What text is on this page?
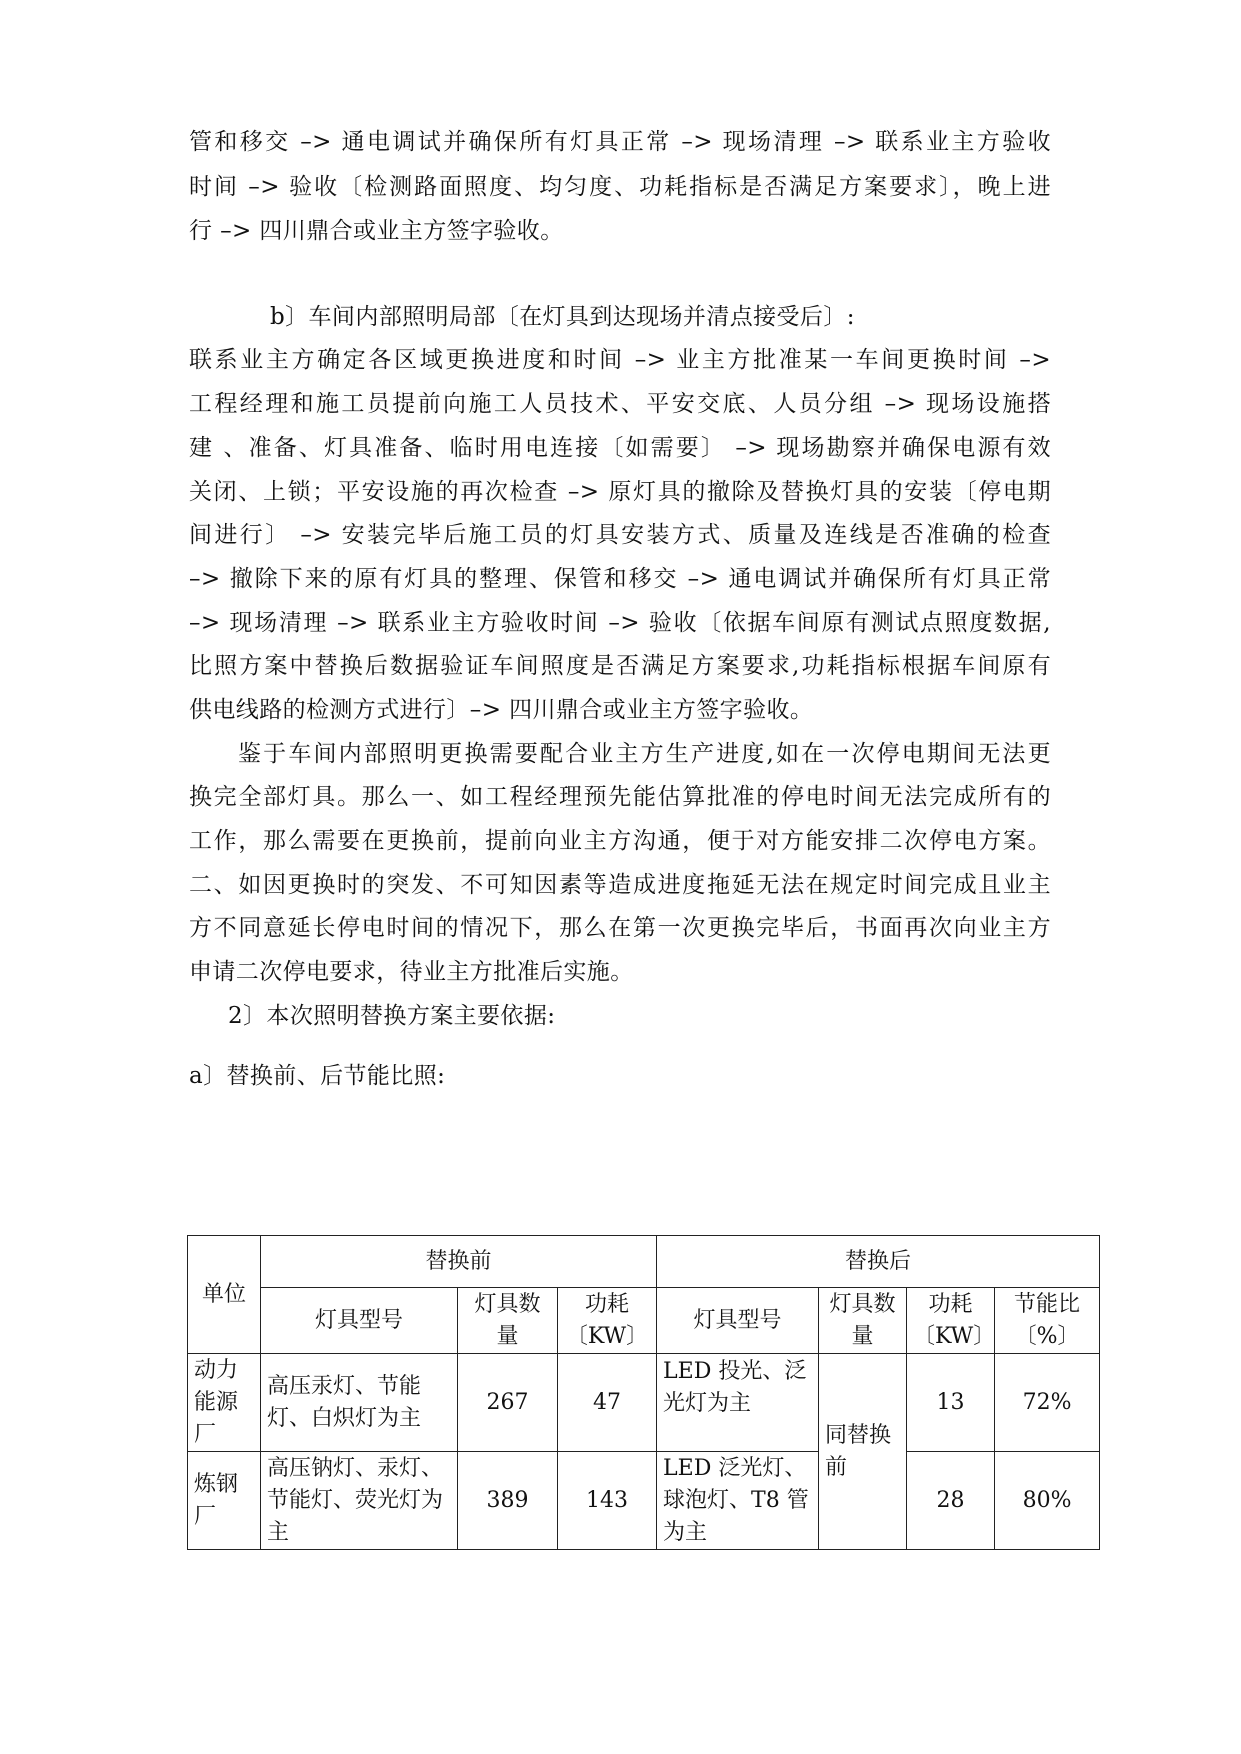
管和移交 –> 通电调试并确保所有灯具正常 –> 现场清理 –> 联系业主方验收
时间 –> 验收〔检测路面照度、均匀度、功耗指标是否满足方案要求〕，晚上进
行 –> 四川鼎合或业主方签字验收。
b〕车间内部照明局部〔在灯具到达现场并清点接受后〕:
联系业主方确定各区域更换进度和时间 –> 业主方批准某一车间更换时间 –>
工程经理和施工员提前向施工人员技术、平安交底、人员分组 –> 现场设施搭
建 、准备、灯具准备、临时用电连接〔如需要〕 –> 现场勘察并确保电源有效
关闭、上锁；平安设施的再次检查 –> 原灯具的撤除及替换灯具的安装〔停电期
间进行〕 –> 安装完毕后施工员的灯具安装方式、质量及连线是否准确的检查
–> 撤除下来的原有灯具的整理、保管和移交 –> 通电调试并确保所有灯具正常
–> 现场清理 –> 联系业主方验收时间 –> 验收〔依据车间原有测试点照度数据,
比照方案中替换后数据验证车间照度是否满足方案要求,功耗指标根据车间原有
供电线路的检测方式进行〕–> 四川鼎合或业主方签字验收。
鉴于车间内部照明更换需要配合业主方生产进度,如在一次停电期间无法更
换完全部灯具。那么一、如工程经理预先能估算批准的停电时间无法完成所有的
工作，那么需要在更换前，提前向业主方沟通，便于对方能安排二次停电方案。
二、如因更换时的突发、不可知因素等造成进度拖延无法在规定时间完成且业主
方不同意延长停电时间的情况下，那么在第一次更换完毕后，书面再次向业主方
申请二次停电要求，待业主方批准后实施。
2〕本次照明替换方案主要依据:
a〕替换前、后节能比照:
单位	替换前			替换后			
	灯具型号	灯具数量	功耗〔KW〕	灯具型号	灯具数量	功耗〔KW〕	节能比〔%〕
动力能源厂	高压汞灯、节能灯、白炽灯为主	267	47	LED 投光、泛光灯为主	同替换前	13	72%
炼钢厂	高压钠灯、汞灯、节能灯、荧光灯为主	389	143	LED 泛光灯、球泡灯、T8 管为主		28	80%
